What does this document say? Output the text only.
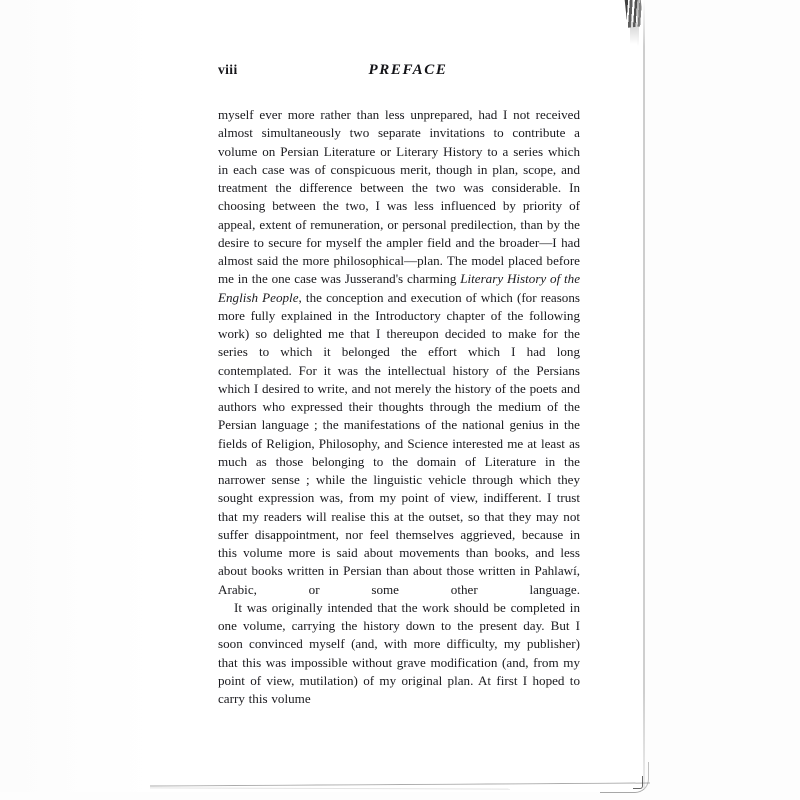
viii	PREFACE

myself ever more rather than less unprepared, had I not received almost simultaneously two separate invitations to contribute a volume on Persian Literature or Literary History to a series which in each case was of conspicuous merit, though in plan, scope, and treatment the difference between the two was considerable. In choosing between the two, I was less influenced by priority of appeal, extent of remuneration, or personal predilection, than by the desire to secure for myself the ampler field and the broader—I had almost said the more philosophical—plan. The model placed before me in the one case was Jusserand's charming Literary History of the English People, the conception and execution of which (for reasons more fully explained in the Introductory chapter of the following work) so delighted me that I thereupon decided to make for the series to which it belonged the effort which I had long contemplated. For it was the intellectual history of the Persians which I desired to write, and not merely the history of the poets and authors who expressed their thoughts through the medium of the Persian language ; the manifestations of the national genius in the fields of Religion, Philosophy, and Science interested me at least as much as those belonging to the domain of Literature in the narrower sense ; while the linguistic vehicle through which they sought expression was, from my point of view, indifferent. I trust that my readers will realise this at the outset, so that they may not suffer disappointment, nor feel themselves aggrieved, because in this volume more is said about movements than books, and less about books written in Persian than about those written in Pahlawí, Arabic, or some other language.

It was originally intended that the work should be completed in one volume, carrying the history down to the present day. But I soon convinced myself (and, with more difficulty, my publisher) that this was impossible without grave modification (and, from my point of view, mutilation) of my original plan. At first I hoped to carry this volume
